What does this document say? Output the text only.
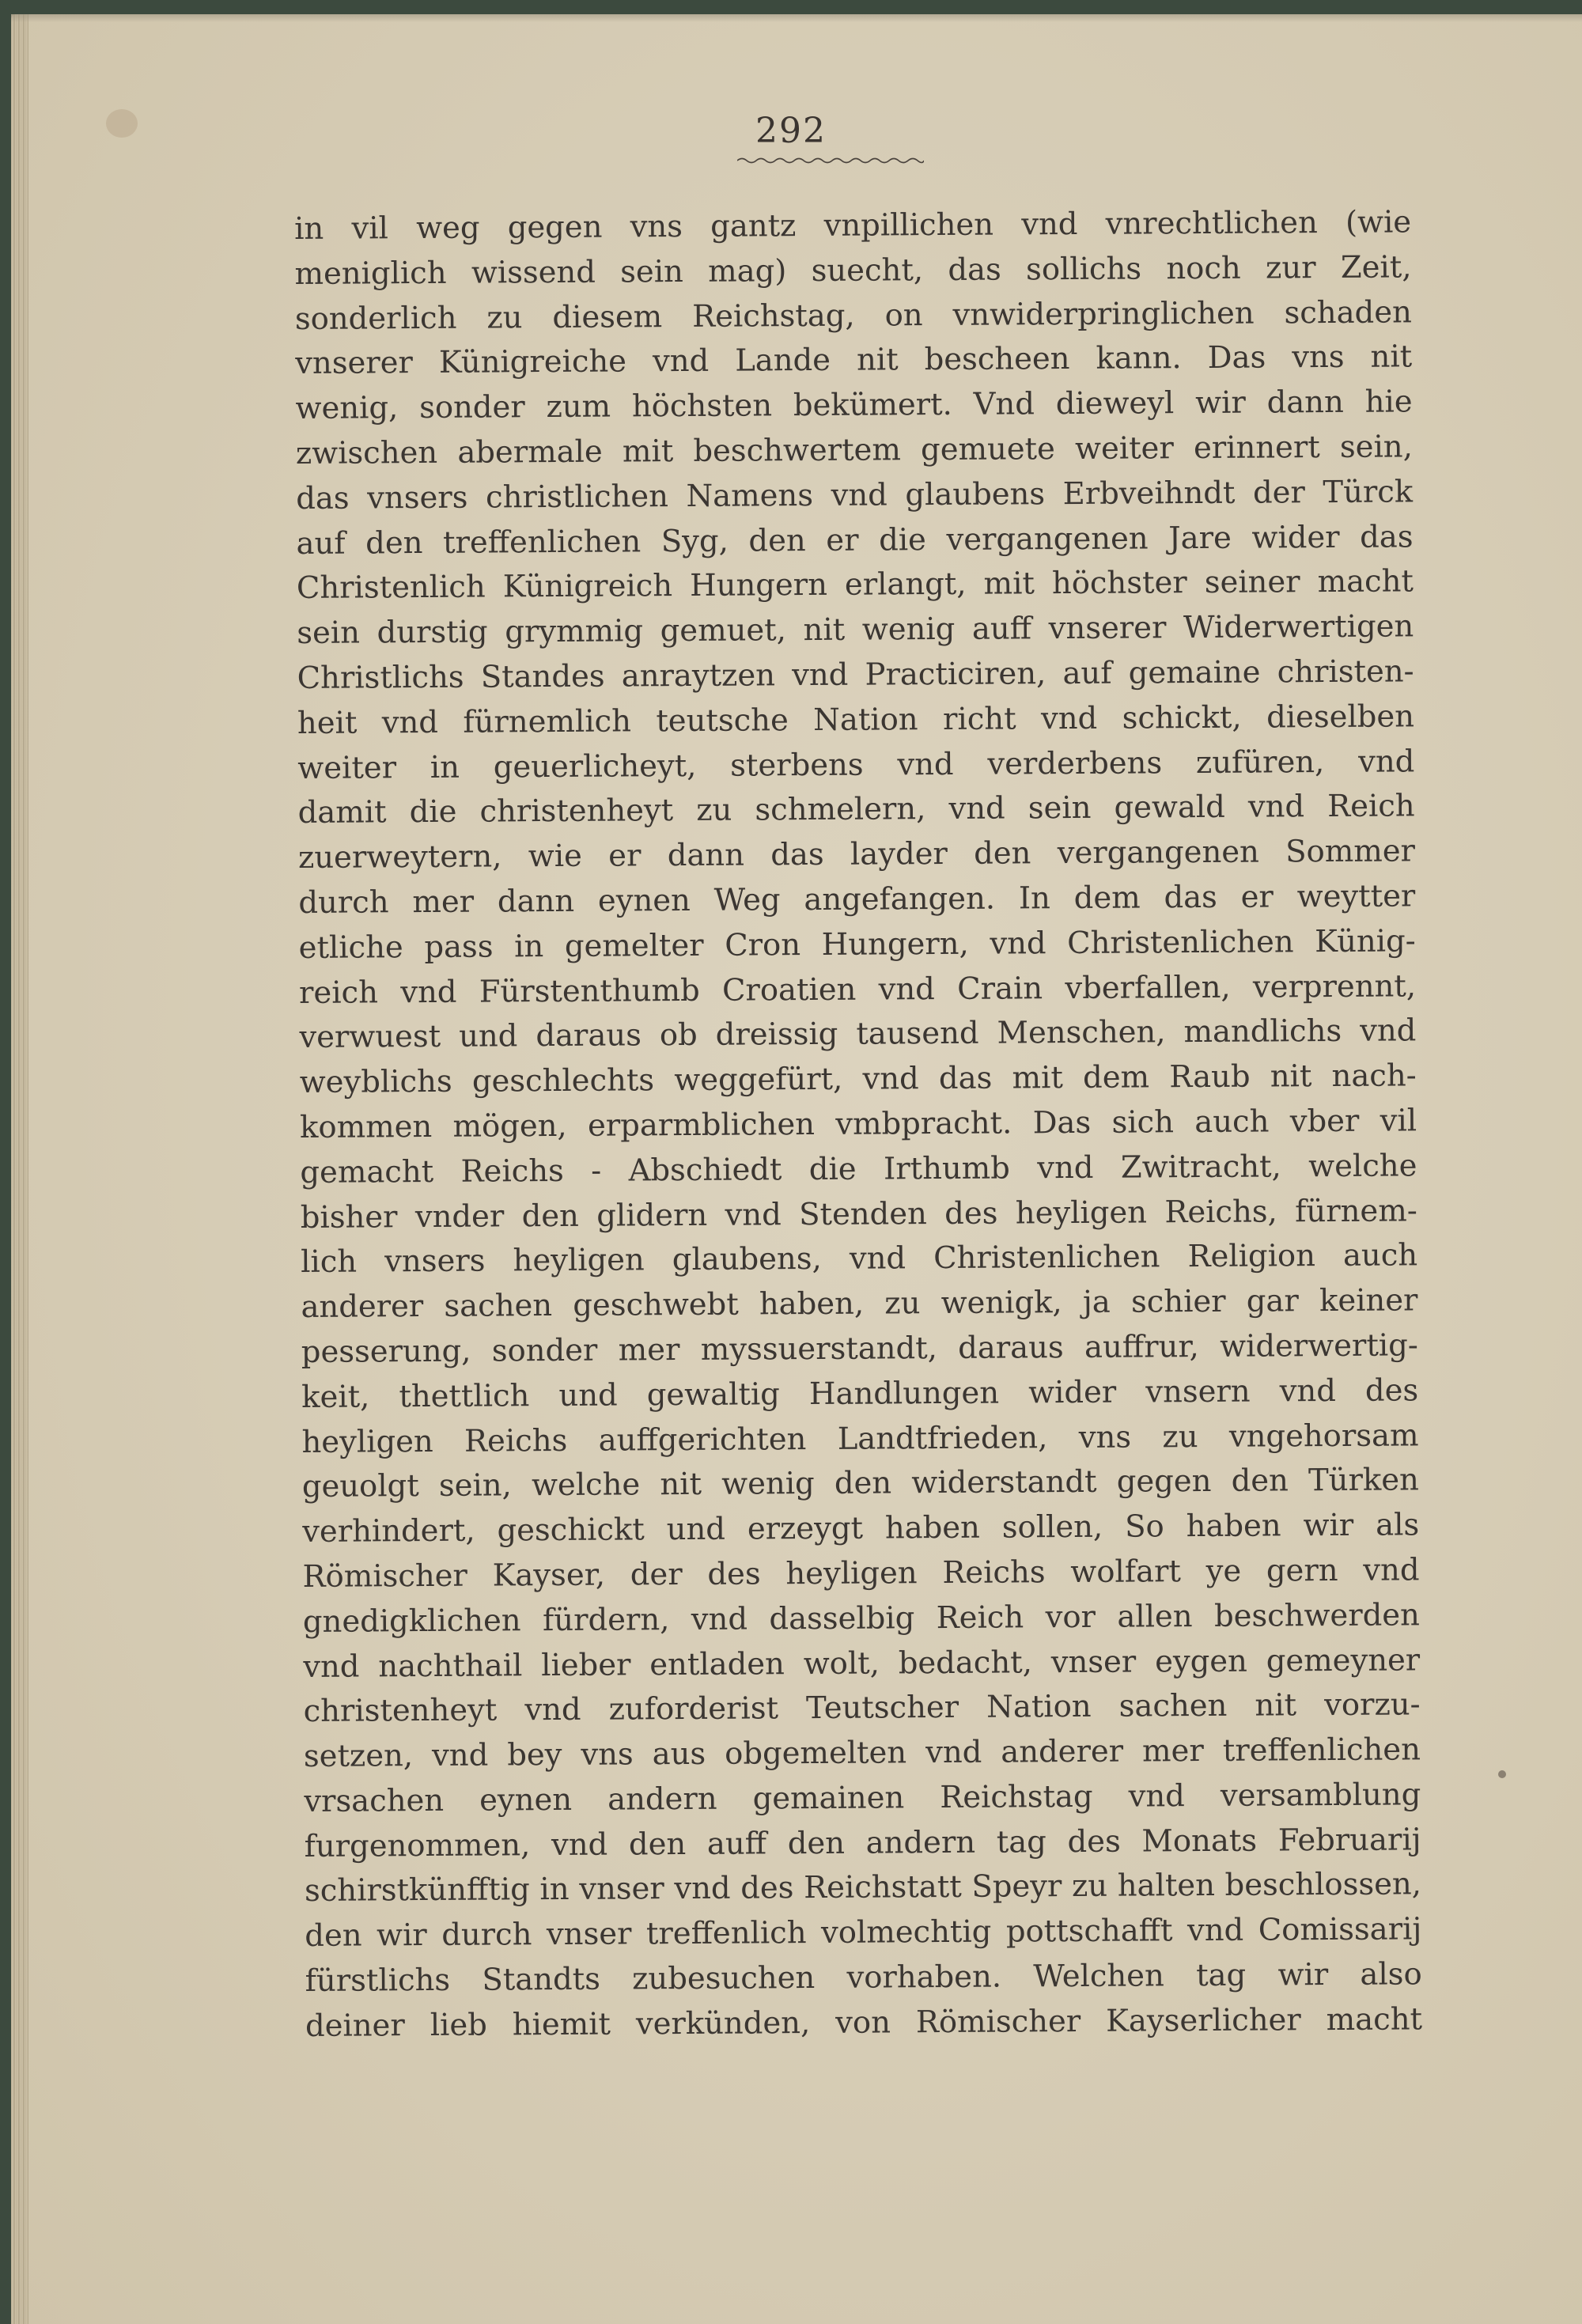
292
in vil weg gegen vns gantz vnpillichen vnd vnrechtlichen (wie
meniglich wissend sein mag) suecht, das sollichs noch zur Zeit,
sonderlich zu diesem Reichstag, on vnwiderpringlichen schaden
vnserer Künigreiche vnd Lande nit bescheen kann. Das vns nit
wenig, sonder zum höchsten bekümert. Vnd dieweyl wir dann hie
zwischen abermale mit beschwertem gemuete weiter erinnert sein,
das vnsers christlichen Namens vnd glaubens Erbveihndt der Türck
auf den treffenlichen Syg, den er die vergangenen Jare wider das
Christenlich Künigreich Hungern erlangt, mit höchster seiner macht
sein durstig grymmig gemuet, nit wenig auff vnserer Widerwertigen
Christlichs Standes anraytzen vnd Practiciren, auf gemaine christen-
heit vnd fürnemlich teutsche Nation richt vnd schickt, dieselben
weiter in geuerlicheyt, sterbens vnd verderbens zufüren, vnd
damit die christenheyt zu schmelern, vnd sein gewald vnd Reich
zuerweytern, wie er dann das layder den vergangenen Sommer
durch mer dann eynen Weg angefangen. In dem das er weytter
etliche pass in gemelter Cron Hungern, vnd Christenlichen Künig-
reich vnd Fürstenthumb Croatien vnd Crain vberfallen, verprennt,
verwuest und daraus ob dreissig tausend Menschen, mandlichs vnd
weyblichs geschlechts weggefürt, vnd das mit dem Raub nit nach-
kommen mögen, erparmblichen vmbpracht. Das sich auch vber vil
gemacht Reichs - Abschiedt die Irthumb vnd Zwitracht, welche
bisher vnder den glidern vnd Stenden des heyligen Reichs, fürnem-
lich vnsers heyligen glaubens, vnd Christenlichen Religion auch
anderer sachen geschwebt haben, zu wenigk, ja schier gar keiner
pesserung, sonder mer myssuerstandt, daraus auffrur, widerwertig-
keit, thettlich und gewaltig Handlungen wider vnsern vnd des
heyligen Reichs auffgerichten Landtfrieden, vns zu vngehorsam
geuolgt sein, welche nit wenig den widerstandt gegen den Türken
verhindert, geschickt und erzeygt haben sollen, So haben wir als
Römischer Kayser, der des heyligen Reichs wolfart ye gern vnd
gnedigklichen fürdern, vnd dasselbig Reich vor allen beschwerden
vnd nachthail lieber entladen wolt, bedacht, vnser eygen gemeyner
christenheyt vnd zuforderist Teutscher Nation sachen nit vorzu-
setzen, vnd bey vns aus obgemelten vnd anderer mer treffenlichen
vrsachen eynen andern gemainen Reichstag vnd versamblung
furgenommen, vnd den auff den andern tag des Monats Februarij
schirstkünfftig in vnser vnd des Reichstatt Speyr zu halten beschlossen,
den wir durch vnser treffenlich volmechtig pottschafft vnd Comissarij
fürstlichs Standts zubesuchen vorhaben. Welchen tag wir also
deiner lieb hiemit verkünden, von Römischer Kayserlicher macht
